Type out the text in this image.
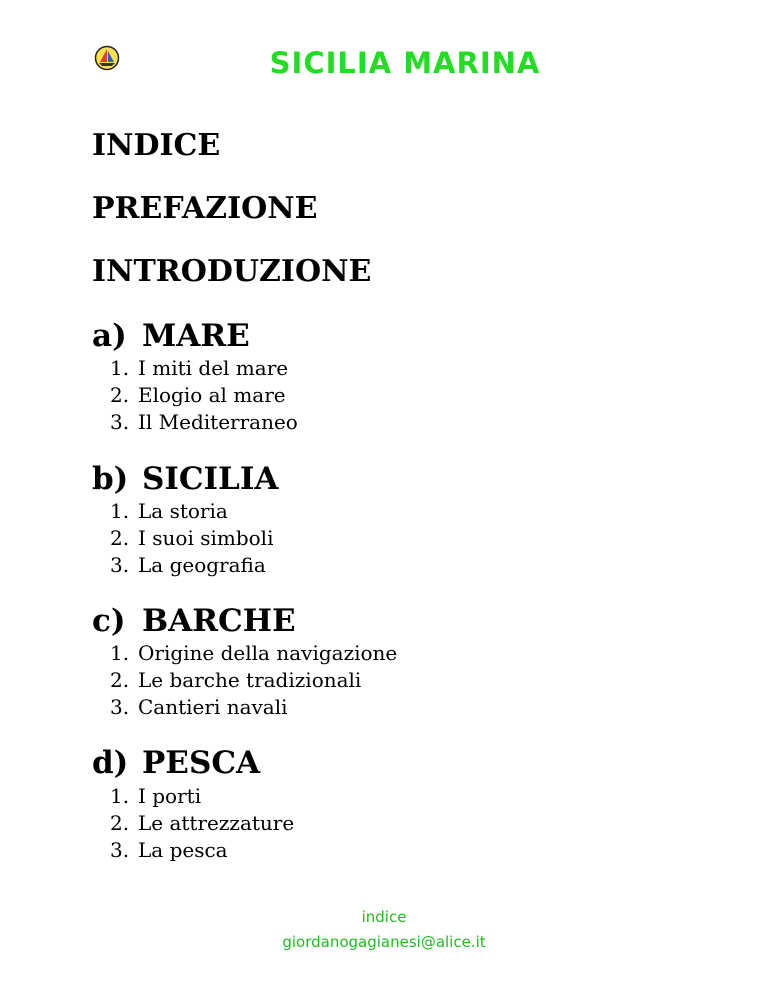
SICILIA MARINA
INDICE
PREFAZIONE
INTRODUZIONE
a) MARE
1. I miti del mare
2. Elogio al mare
3. Il Mediterraneo
b) SICILIA
1. La storia
2. I suoi simboli
3. La geografia
c) BARCHE
1. Origine della navigazione
2. Le barche tradizionali
3. Cantieri navali
d) PESCA
1. I porti
2. Le attrezzature
3. La pesca
indice
giordanogagianesi@alice.it
